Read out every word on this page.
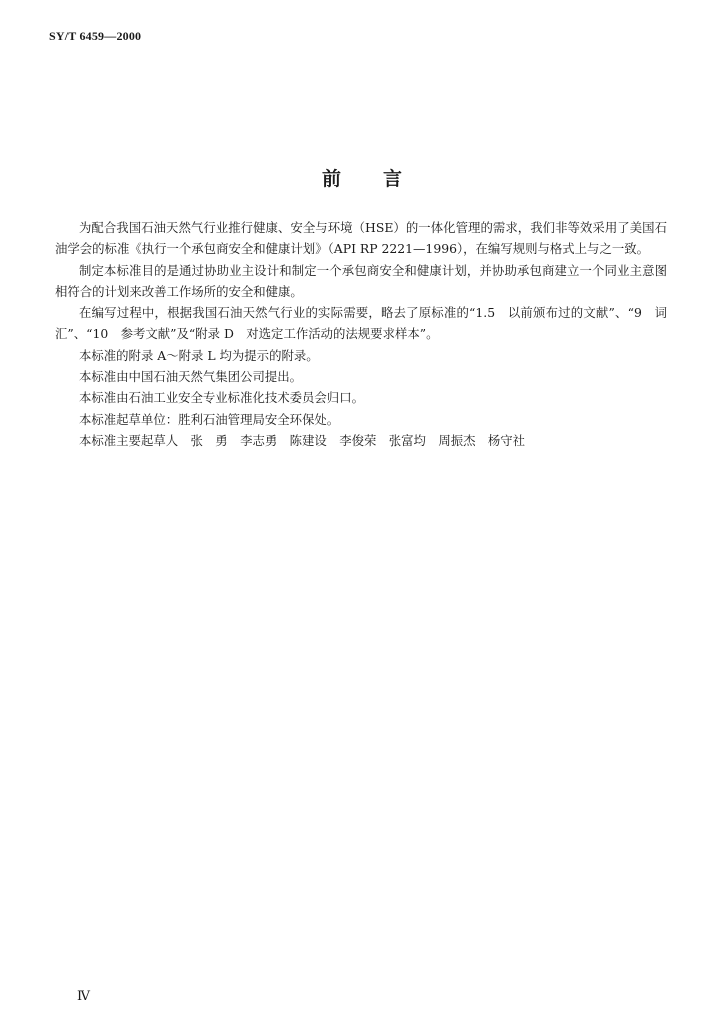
SY/T 6459—2000
前 言

为配合我国石油天然气行业推行健康、安全与环境（HSE）的一体化管理的需求，我们非等效采用了美国石油学会的标准《执行一个承包商安全和健康计划》（API RP 2221—1996），在编写规则与格式上与之一致。

制定本标准目的是通过协助业主设计和制定一个承包商安全和健康计划，并协助承包商建立一个同业主意图相符合的计划来改善工作场所的安全和健康。

在编写过程中，根据我国石油天然气行业的实际需要，略去了原标准的“1.5　以前颁布过的文献”、“9　词汇”、“10　参考文献”及“附录 D　对选定工作活动的法规要求样本”。

本标准的附录 A～附录 L 均为提示的附录。

本标准由中国石油天然气集团公司提出。

本标准由石油工业安全专业标准化技术委员会归口。

本标准起草单位：胜利石油管理局安全环保处。

本标准主要起草人　张　勇　李志勇　陈建设　李俊荣　张富均　周振杰　杨守社

Ⅳ
